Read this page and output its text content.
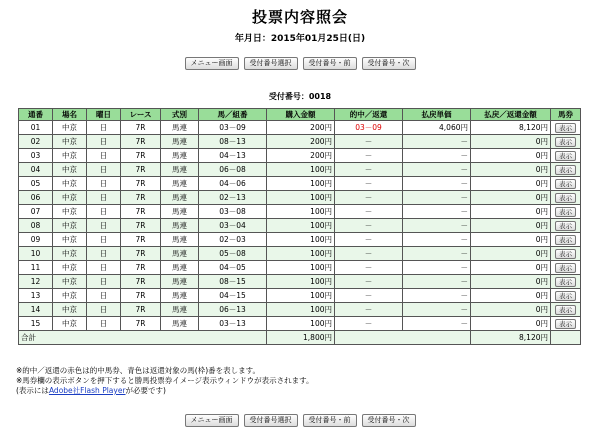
投票内容照会
年月日：2015年01月25日(日)
メニュー画面	受付番号選択	受付番号・前	受付番号・次
受付番号：0018
通番	場名	曜日	レース	式別	馬／組番	購入金額	的中／返還	払戻単価	払戻／返還金額	馬券
01	中京	日	7R	馬連	03－09	200円	03－09	4,060円	8,120円	表示
02	中京	日	7R	馬連	08－13	200円	－	－	0円	表示
03	中京	日	7R	馬連	04－13	200円	－	－	0円	表示
04	中京	日	7R	馬連	06－08	100円	－	－	0円	表示
05	中京	日	7R	馬連	04－06	100円	－	－	0円	表示
06	中京	日	7R	馬連	02－13	100円	－	－	0円	表示
07	中京	日	7R	馬連	03－08	100円	－	－	0円	表示
08	中京	日	7R	馬連	03－04	100円	－	－	0円	表示
09	中京	日	7R	馬連	02－03	100円	－	－	0円	表示
10	中京	日	7R	馬連	05－08	100円	－	－	0円	表示
11	中京	日	7R	馬連	04－05	100円	－	－	0円	表示
12	中京	日	7R	馬連	08－15	100円	－	－	0円	表示
13	中京	日	7R	馬連	04－15	100円	－	－	0円	表示
14	中京	日	7R	馬連	06－13	100円	－	－	0円	表示
15	中京	日	7R	馬連	03－13	100円	－	－	0円	表示
合計						1,800円			8,120円	
※的中／返還の赤色は的中馬券、青色は返還対象の馬(枠)番を表します。
※馬券欄の表示ボタンを押下すると勝馬投票券イメージ表示ウィンドウが表示されます。
(表示にはAdobe社Flash Playerが必要です)
メニュー画面	受付番号選択	受付番号・前	受付番号・次
